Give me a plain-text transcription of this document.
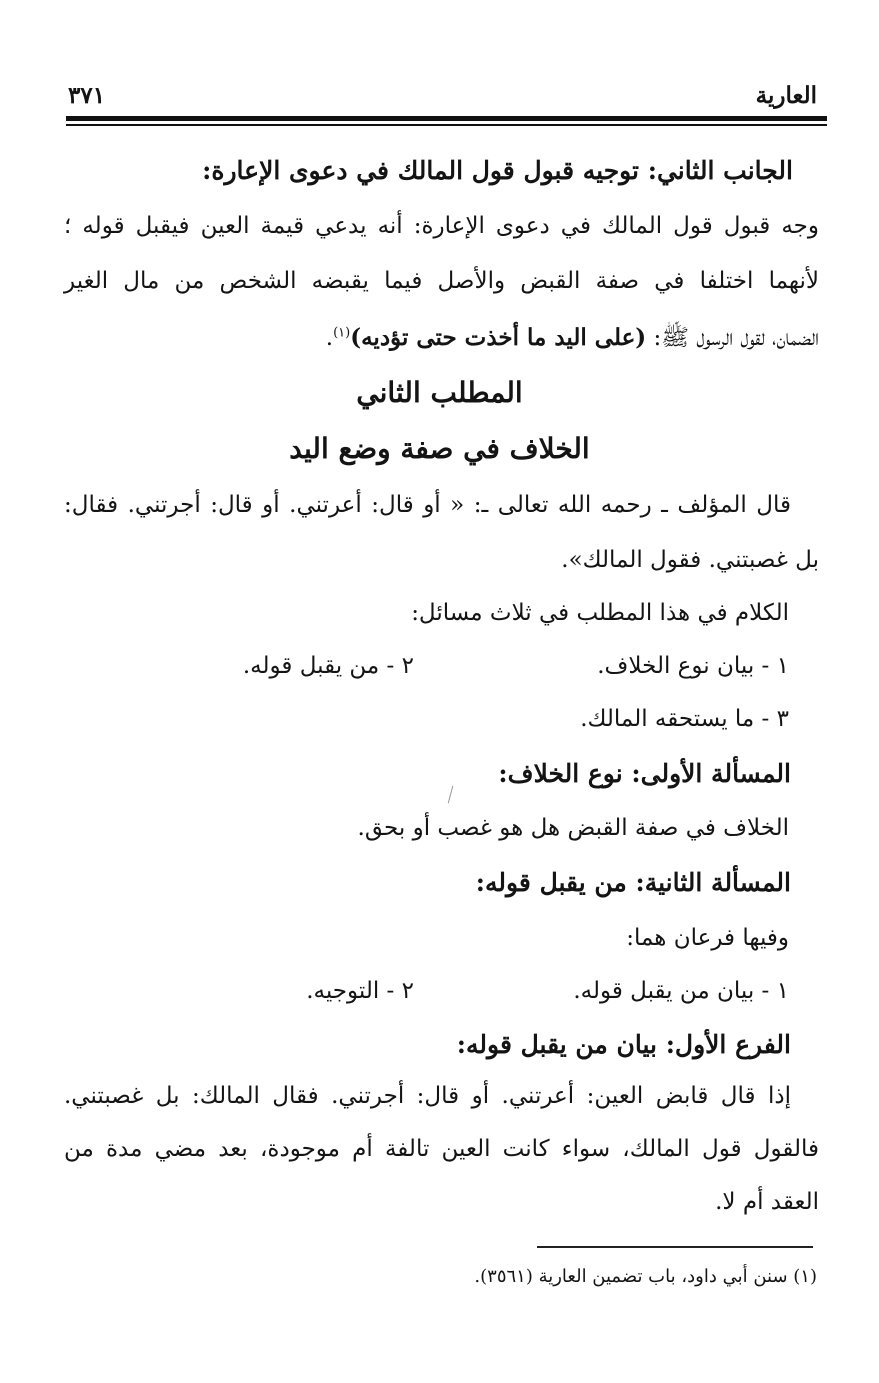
العارية
٣٧١
الجانب الثاني: توجيه قبول قول المالك في دعوى الإعارة:
وجه قبول قول المالك في دعوى الإعارة: أنه يدعي قيمة العين فيقبل قوله ؛
لأنهما اختلفا في صفة القبض والأصل فيما يقبضه الشخص من مال الغير
الضمان، لقول الرسول ﷺ: (على اليد ما أخذت حتى تؤديه)$^{(١)}$.
المطلب الثاني
الخلاف في صفة وضع اليد
قال المؤلف ـ رحمه الله تعالى ـ: « أو قال: أعرتني. أو قال: أجرتني. فقال:
بل غصبتني. فقول المالك».
الكلام في هذا المطلب في ثلاث مسائل:
١ - بيان نوع الخلاف.
٢ - من يقبل قوله.
٣ - ما يستحقه المالك.
المسألة الأولى: نوع الخلاف:
الخلاف في صفة القبض هل هو غصب أو بحق.
المسألة الثانية: من يقبل قوله:
وفيها فرعان هما:
١ - بيان من يقبل قوله.
٢ - التوجيه.
الفرع الأول: بيان من يقبل قوله:
إذا قال قابض العين: أعرتني. أو قال: أجرتني. فقال المالك: بل غصبتني.
فالقول قول المالك، سواء كانت العين تالفة أم موجودة، بعد مضي مدة من
العقد أم لا.
(١) سنن أبي داود، باب تضمين العارية (٣٥٦١).
